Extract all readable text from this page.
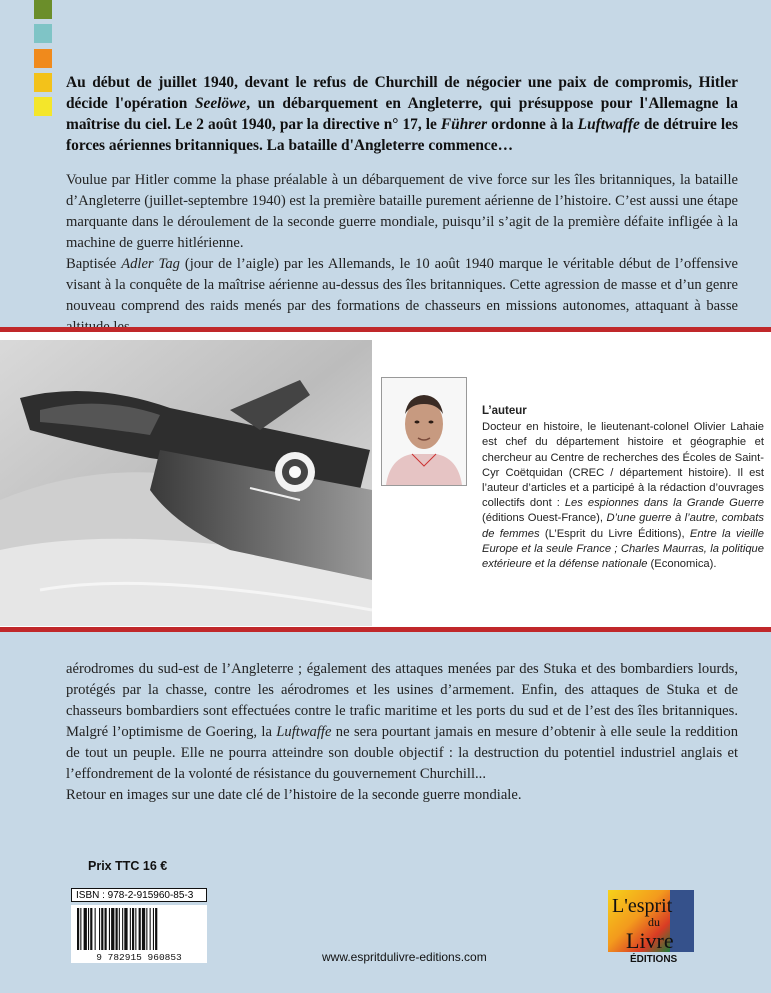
Au début de juillet 1940, devant le refus de Churchill de négocier une paix de compromis, Hitler décide l'opération Seelöwe, un débarquement en Angleterre, qui présuppose pour l'Allemagne la maîtrise du ciel. Le 2 août 1940, par la directive n° 17, le Führer ordonne à la Luftwaffe de détruire les forces aériennes britanniques. La bataille d'Angleterre commence…

Voulue par Hitler comme la phase préalable à un débarquement de vive force sur les îles britanniques, la bataille d’Angleterre (juillet-septembre 1940) est la première bataille purement aérienne de l’histoire. C’est aussi une étape marquante dans le déroulement de la seconde guerre mondiale, puisqu’il s’agit de la première défaite infligée à la machine de guerre hitlérienne.

Baptisée Adler Tag (jour de l’aigle) par les Allemands, le 10 août 1940 marque le véritable début de l’offensive visant à la conquête de la maîtrise aérienne au-dessus des îles britanniques. Cette agression de masse et d’un genre nouveau comprend des raids menés par des formations de chasseurs en missions autonomes, attaquant à basse

L’auteur
Docteur en histoire, le lieutenant-colonel Olivier Lahaie est chef du département histoire et géographie et chercheur au Centre de recherches des Écoles de Saint-Cyr Coëtquidan (CREC / département histoire). Il est l’auteur d’articles et a participé à la rédaction d’ouvrages collectifs dont : Les espionnes dans la Grande Guerre (éditions Ouest-France), D’une guerre à l’autre, combats de femmes (L’Esprit du Livre Éditions), Entre la vieille Europe et la seule France ; Charles Maurras, la politique extérieure et la défense nationale (Economica).

aérodromes du sud-est de l’Angleterre ; également des attaques menées par des Stuka et des bombardiers lourds, protégés par la chasse, contre les aérodromes et les usines d’armement. Enfin, des attaques de Stuka et de chasseurs bombardiers sont effectuées contre le trafic maritime et les ports du sud et de l’est des îles britanniques. Malgré l’optimisme de Goering, la Luftwaffe ne sera pourtant jamais en mesure d’obtenir à elle seule la reddition de tout un peuple. Elle ne pourra atteindre son double objectif : la destruction du potentiel industriel anglais et l’effondrement de la volonté de résistance du gouvernement Churchill...

Retour en images sur une date clé de l’histoire de la seconde guerre mondiale.

Prix TTC 16 €
ISBN : 978-2-915960-85-3
9 782915 960853	www.espritdulivre-editions.com
L'esprit
du
Livre
ÉDITIONS
